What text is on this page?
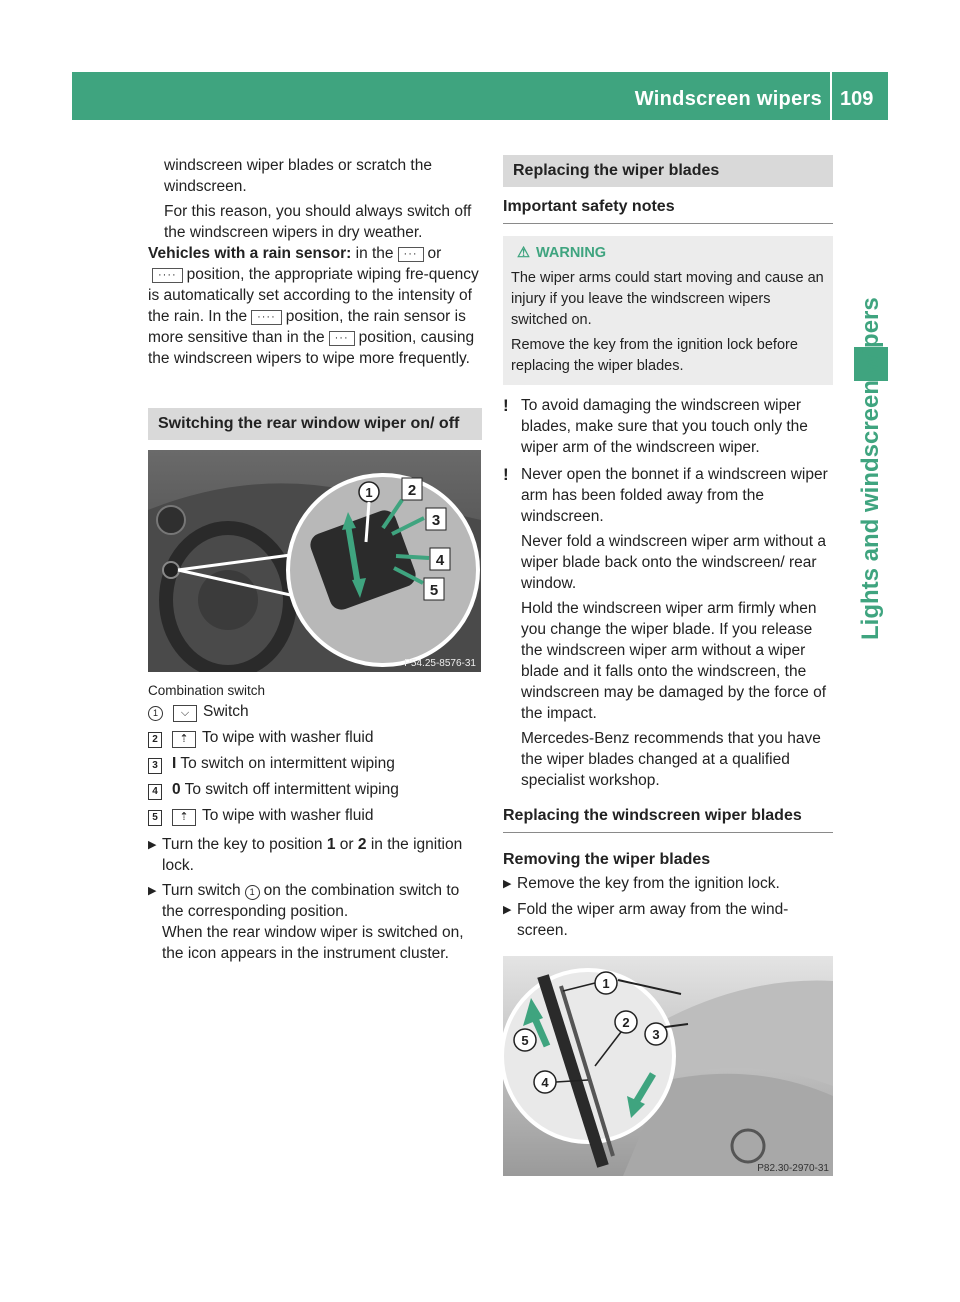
Windscreen wipers 109
Lights and windscreen wipers

windscreen wiper blades or scratch the windscreen.

For this reason, you should always switch off the windscreen wipers in dry weather.

Vehicles with a rain sensor: in the ··· or ···· position, the appropriate wiping fre-quency is automatically set according to the intensity of the rain. In the ···· position, the rain sensor is more sensitive than in the ··· position, causing the windscreen wipers to wipe more frequently.

Switching the rear window wiper on/ off
1 2
3
4
5
P54.25-8576-31

Combination switch

1	⌵ Switch
2	⇡ To wipe with washer fluid
3 I To switch on intermittent wiping
4 0 To switch off intermittent wiping
5	⇡ To wipe with washer fluid
▶ Turn the key to position 1 or 2 in the ignition lock.

▶ Turn switch 1 on the combination switch to the corresponding position.
When the rear window wiper is switched on, the icon appears in the instrument cluster.

Replacing the wiper blades
Important safety notes
⚠ WARNING

The wiper arms could start moving and cause an injury if you leave the windscreen wipers switched on.

Remove the key from the ignition lock before replacing the wiper blades.

! To avoid damaging the windscreen wiper blades, make sure that you touch only the wiper arm of the windscreen wiper.

! Never open the bonnet if a windscreen wiper arm has been folded away from the windscreen.

Never fold a windscreen wiper arm without a wiper blade back onto the windscreen/ rear window.

Hold the windscreen wiper arm firmly when you change the wiper blade. If you release the windscreen wiper arm without a wiper blade and it falls onto the windscreen, the windscreen may be damaged by the force of the impact.

Mercedes-Benz recommends that you have the wiper blades changed at a qualified specialist workshop.

Replacing the windscreen wiper blades
Removing the wiper blades
▶ Remove the key from the ignition lock.

▶ Fold the wiper arm away from the wind-screen.

1
2
3
4
5
P82.30-2970-31
